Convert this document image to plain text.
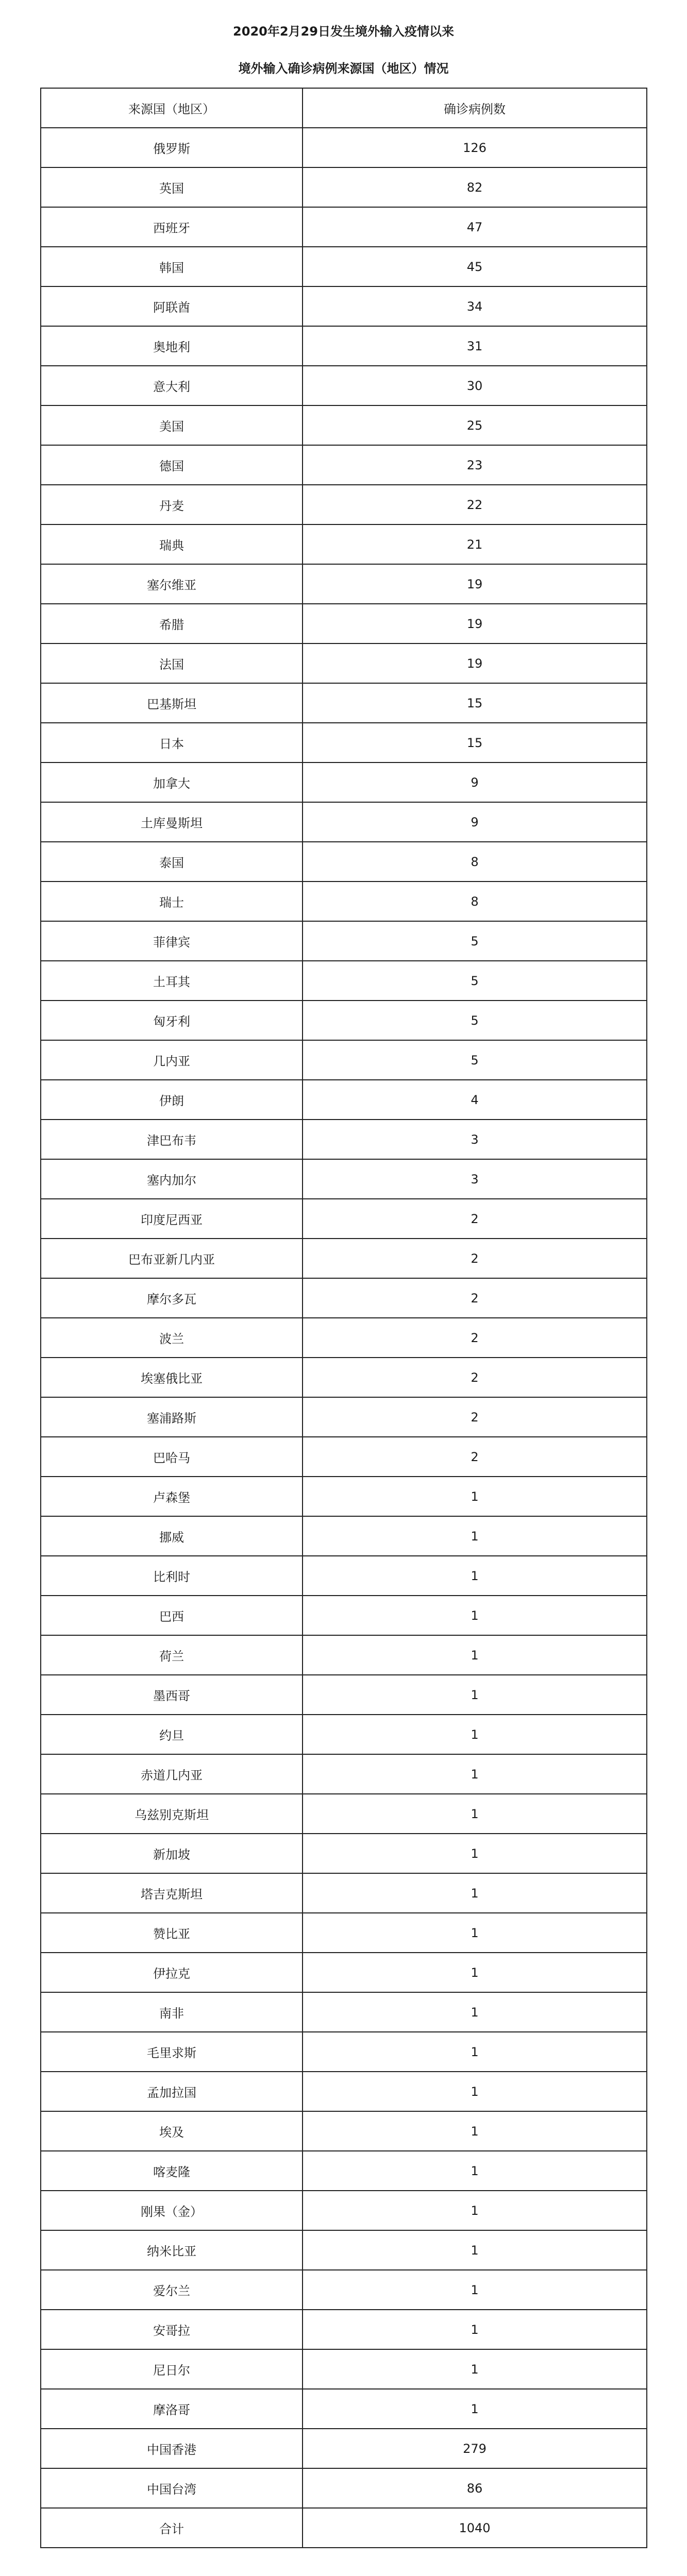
2020年2月29日发生境外输入疫情以来
境外输入确诊病例来源国（地区）情况
来源国（地区）	确诊病例数
俄罗斯	126
英国	82
西班牙	47
韩国	45
阿联酋	34
奥地利	31
意大利	30
美国	25
德国	23
丹麦	22
瑞典	21
塞尔维亚	19
希腊	19
法国	19
巴基斯坦	15
日本	15
加拿大	9
土库曼斯坦	9
泰国	8
瑞士	8
菲律宾	5
土耳其	5
匈牙利	5
几内亚	5
伊朗	4
津巴布韦	3
塞内加尔	3
印度尼西亚	2
巴布亚新几内亚	2
摩尔多瓦	2
波兰	2
埃塞俄比亚	2
塞浦路斯	2
巴哈马	2
卢森堡	1
挪威	1
比利时	1
巴西	1
荷兰	1
墨西哥	1
约旦	1
赤道几内亚	1
乌兹别克斯坦	1
新加坡	1
塔吉克斯坦	1
赞比亚	1
伊拉克	1
南非	1
毛里求斯	1
孟加拉国	1
埃及	1
喀麦隆	1
刚果（金）	1
纳米比亚	1
爱尔兰	1
安哥拉	1
尼日尔	1
摩洛哥	1
中国香港	279
中国台湾	86
合计	1040
